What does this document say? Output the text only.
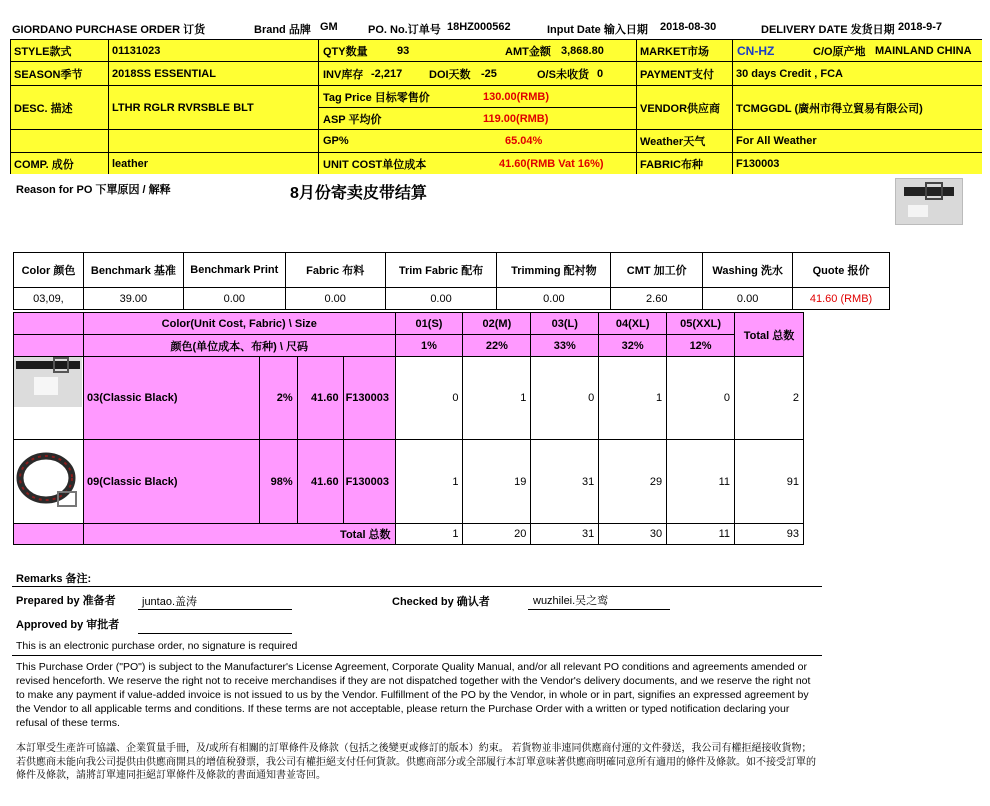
GIORDANO PURCHASE ORDER 订货	Brand 品牌 GM	PO. No.订单号 18HZ000562	Input Date 输入日期 2018-08-30	DELIVERY DATE 发货日期 2018-9-7
STYLE款式	01131023
SEASON季节	2018SS ESSENTIAL
DESC. 描述	LTHR RGLR RVRSBLE BLT
COMP. 成份	leather
QTY数量	93	AMT金额 3,868.80
INV库存 -2,217 DOI天数 -25	O/S未收货 0
Tag Price 目标零售价	130.00(RMB)
ASP 平均价	119.00(RMB)
GP%	65.04%
UNIT COST单位成本	41.60(RMB Vat 16%)
MARKET市场	CN-HZ	C/O原产地 MAINLAND CHINA
PAYMENT支付	30 days Credit , FCA
VENDOR供应商	TCMGGDL (廣州市得立貿易有限公司)
Weather天气	For All Weather
FABRIC布种	F130003
Reason for PO 下單原因 / 解释	8月份寄卖皮带结算
Color 颜色	Benchmark 基准	Benchmark Print	Fabric 布料	Trim Fabric 配布	Trimming 配衬物	CMT 加工价	Washing 洗水	Quote 报价
03,09,	39.00	0.00	0.00	0.00	0.00	2.60	0.00	41.60 (RMB)
	Color(Unit Cost, Fabric) \ Size				01(S)	02(M)	03(L)	04(XL)	05(XXL)	Total 总数
	颜色(单位成本、布种) \ 尺码				1%	22%	33%	32%	12%	
	03(Classic Black)	2%	41.60	F130003	0	1	0	1	0	2
	09(Classic Black)	98%	41.60	F130003	1	19	31	29	11	91
	Total 总数				1	20	31	30	11	93
Remarks 备注:
Prepared by 准备者 juntao.盖涛	Checked by 确认者	wuzhilei.吴之鸾
Approved by 审批者
This is an electronic purchase order, no signature is required
This Purchase Order ("PO") is subject to the Manufacturer's License Agreement, Corporate Quality Manual, and/or all relevant PO conditions and agreements amended or revised henceforth. We reserve the right not to receive merchandises if they are not dispatched together with the Vendor's delivery documents, and we reserve the right not to make any payment if value-added invoice is not issued to us by the Vendor. Fulfillment of the PO by the Vendor, in whole or in part, signifies an expressed agreement by the Vendor to all applicable terms and conditions. If these terms are not acceptable, please return the Purchase Order with a written or typed notification declaring your refusal of these terms.
本訂單受生產許可協議、企業質量手冊，及/或所有相關的訂單條件及條款（包括之後變更或修訂的版本）約束。 若貨物並非連同供應商付運的文件發送，我公司有權拒絕接收貨物；若供應商未能向我公司提供由供應商開具的增值稅發票，我公司有權拒絕支付任何貨款。供應商部分或全部履行本訂單意味著供應商明確同意所有適用的條件及條款。如不接受訂單的條件及條款，請將訂單連同拒絕訂單條件及條款的書面通知書並寄回。
